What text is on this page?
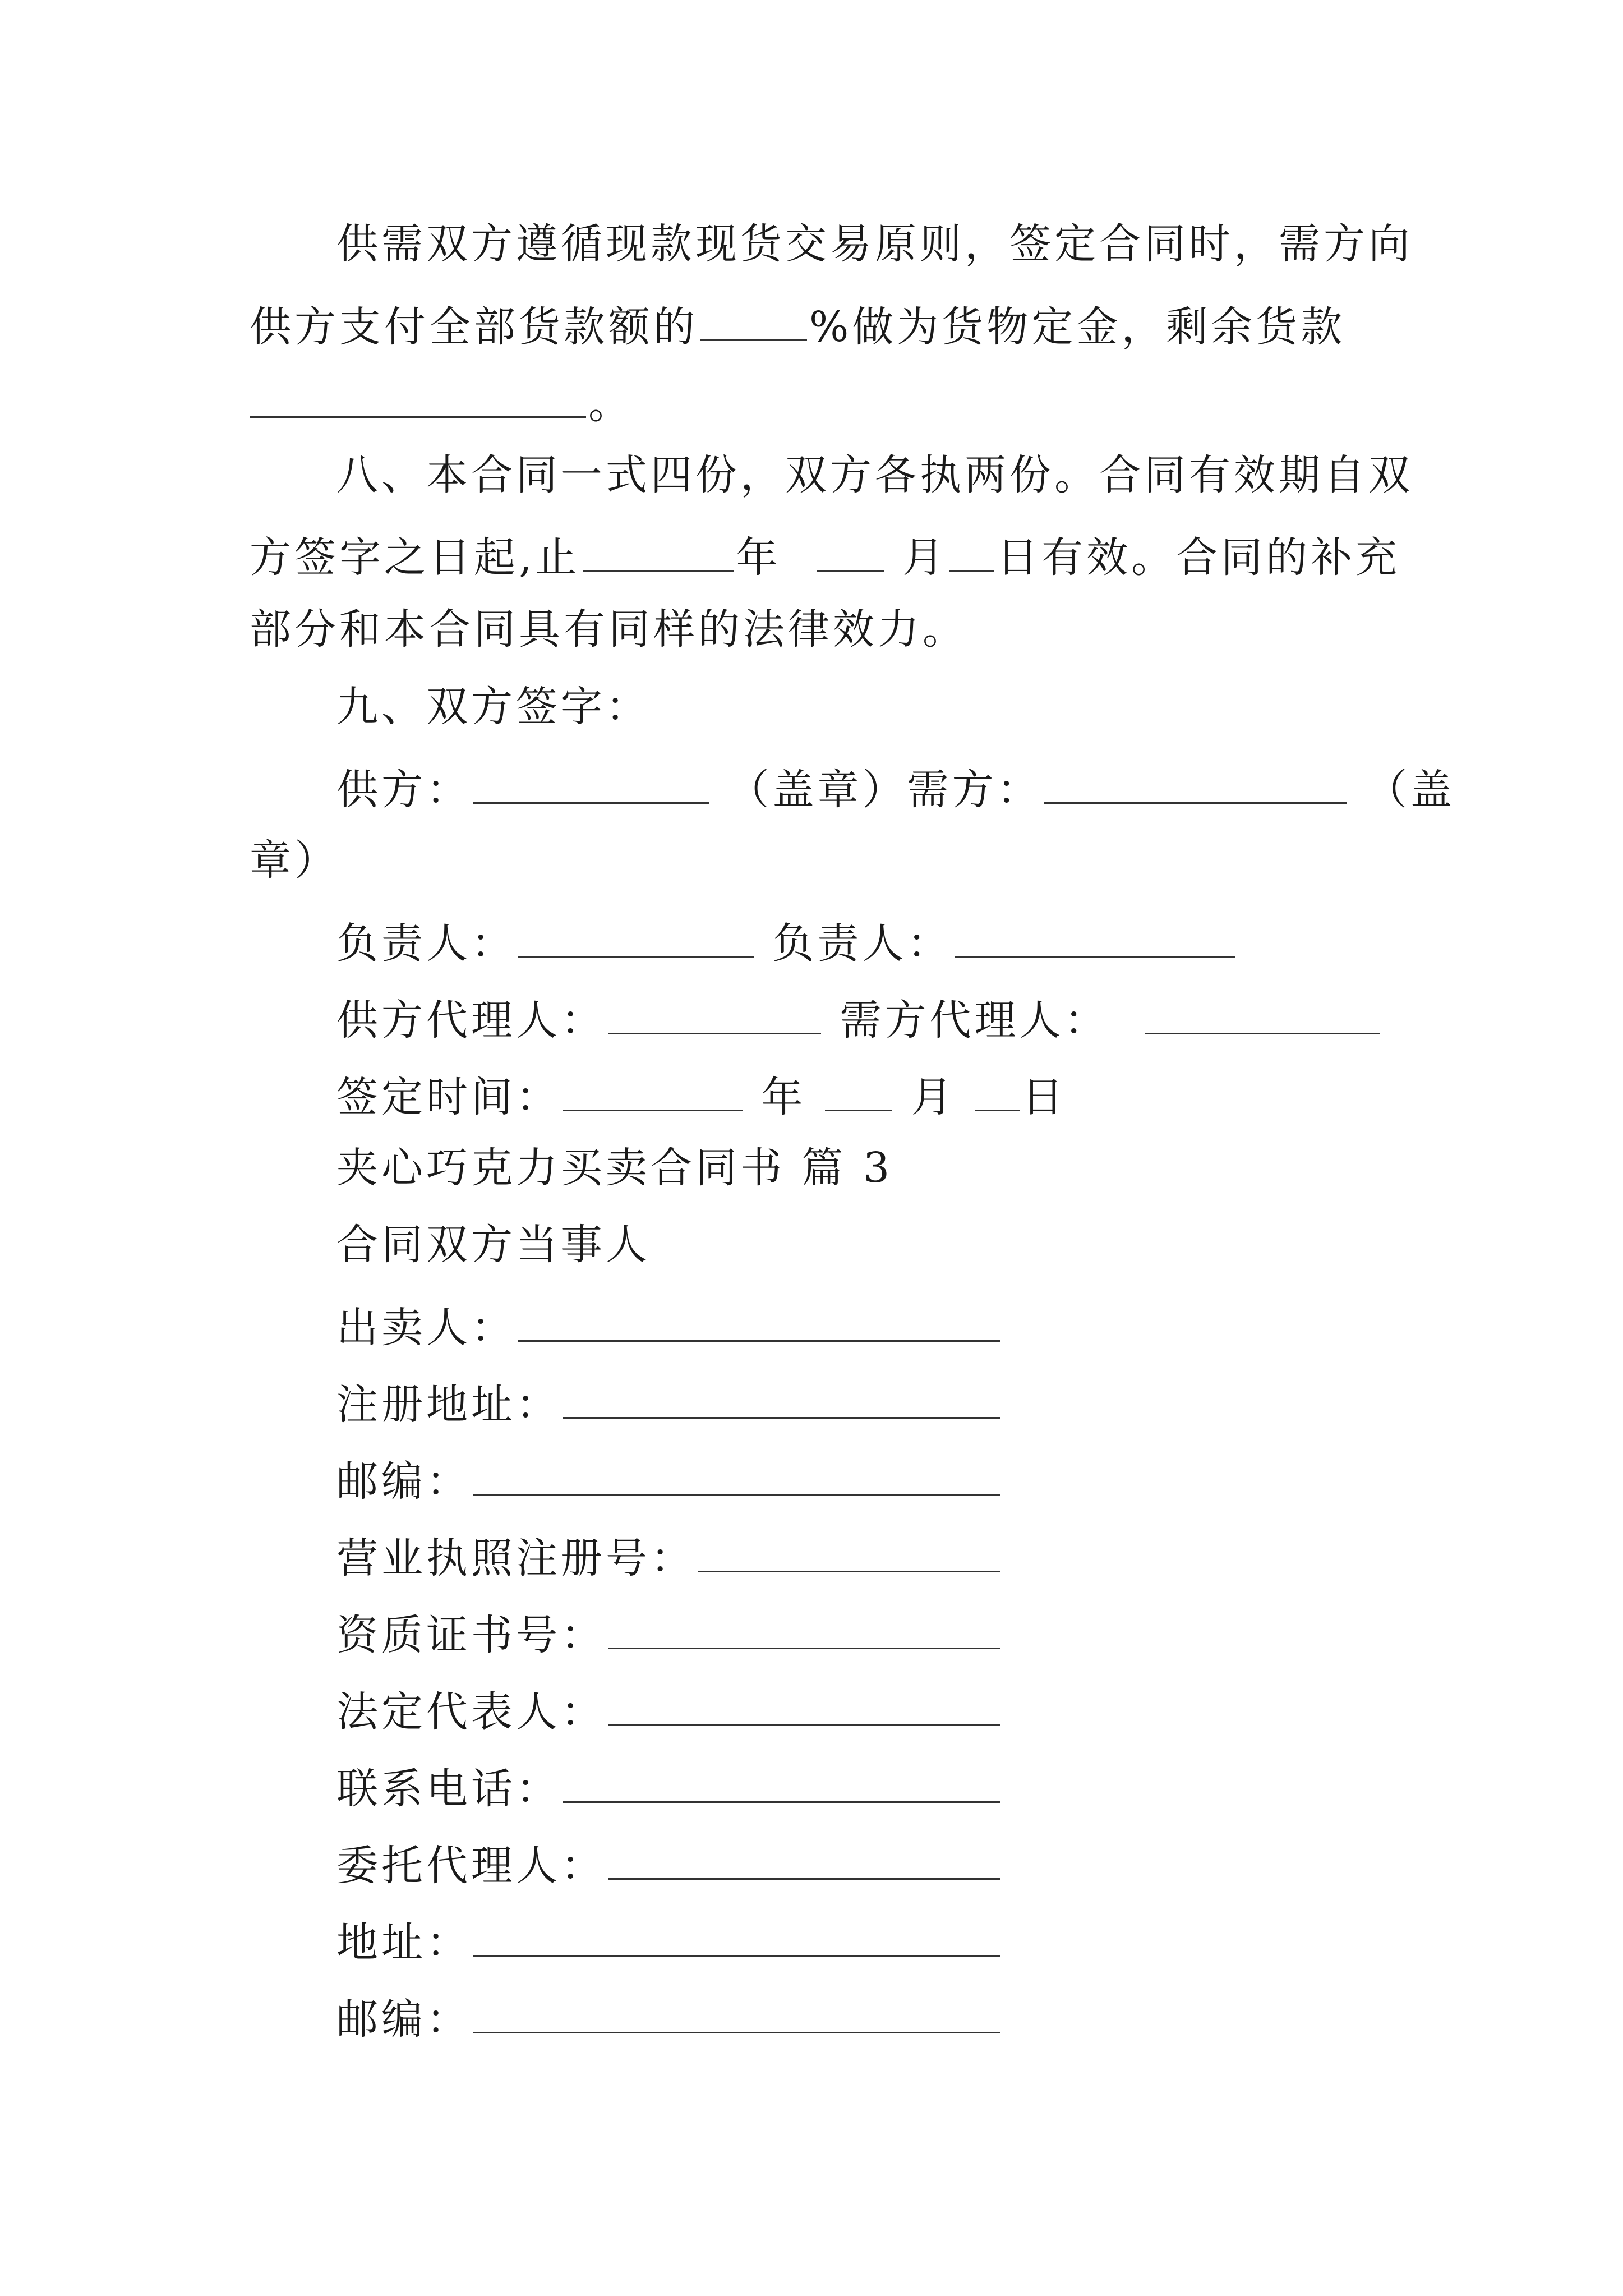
供需双方遵循现款现货交易原则，签定合同时，需方向
供方支付全部货款额的	%做为货物定金，剩余货款
。
八、本合同一式四份，双方各执两份。合同有效期自双
方签字之日起,止	年	月 日有效。合同的补充
部分和本合同具有同样的法律效力。
九、双方签字：
供方：	（盖章）需方：	（盖
章）
负责人：	负责人：
供方代理人：	需方代理人：
签定时间：	年	月 日
夹心巧克力买卖合同书 篇 3
合同双方当事人
出卖人：
注册地址：
邮编：
营业执照注册号：
资质证书号：
法定代表人：
联系电话：
委托代理人：
地址：
邮编：
